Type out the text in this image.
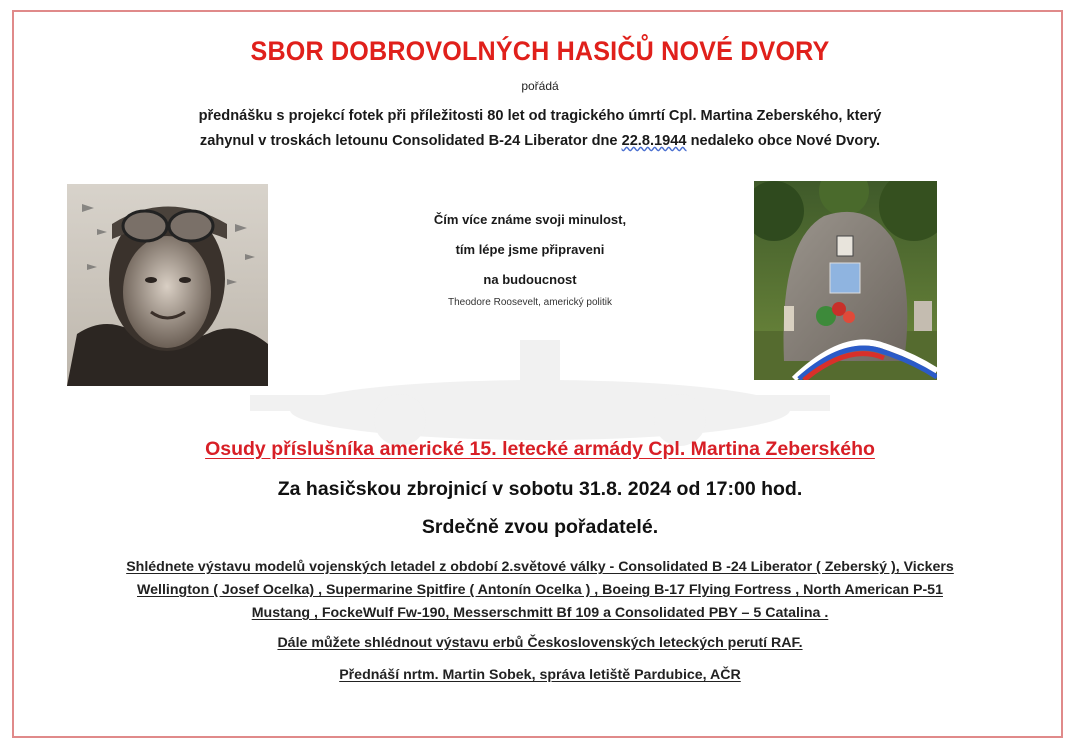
SBOR DOBROVOLNÝCH HASIČŮ NOVÉ DVORY
pořádá
přednášku s projekcí fotek při příležitosti 80 let od tragického úmrtí Cpl. Martina Zeberského, který
zahynul v troskách letounu Consolidated B-24 Liberator dne 22.8.1944 nedaleko obce Nové Dvory.
Čím více známe svoji minulost,
tím lépe jsme připraveni
na budoucnost
Theodore Roosevelt, americký politik
Osudy příslušníka americké 15. letecké armády Cpl. Martina Zeberského
Za hasičskou zbrojnicí v sobotu 31.8. 2024 od 17:00 hod.
Srdečně zvou pořadatelé.
Shlédnete výstavu modelů vojenských letadel z období 2.světové války - Consolidated B -24 Liberator ( Zeberský ), Vickers
Wellington ( Josef Ocelka) , Supermarine Spitfire ( Antonín Ocelka ) , Boeing B-17 Flying Fortress , North American P-51
Mustang , FockeWulf Fw-190, Messerschmitt Bf 109 a Consolidated PBY – 5 Catalina .
Dále můžete shlédnout výstavu erbů Československých leteckých perutí RAF.
Přednáší nrtm. Martin Sobek, správa letiště Pardubice, AČR
